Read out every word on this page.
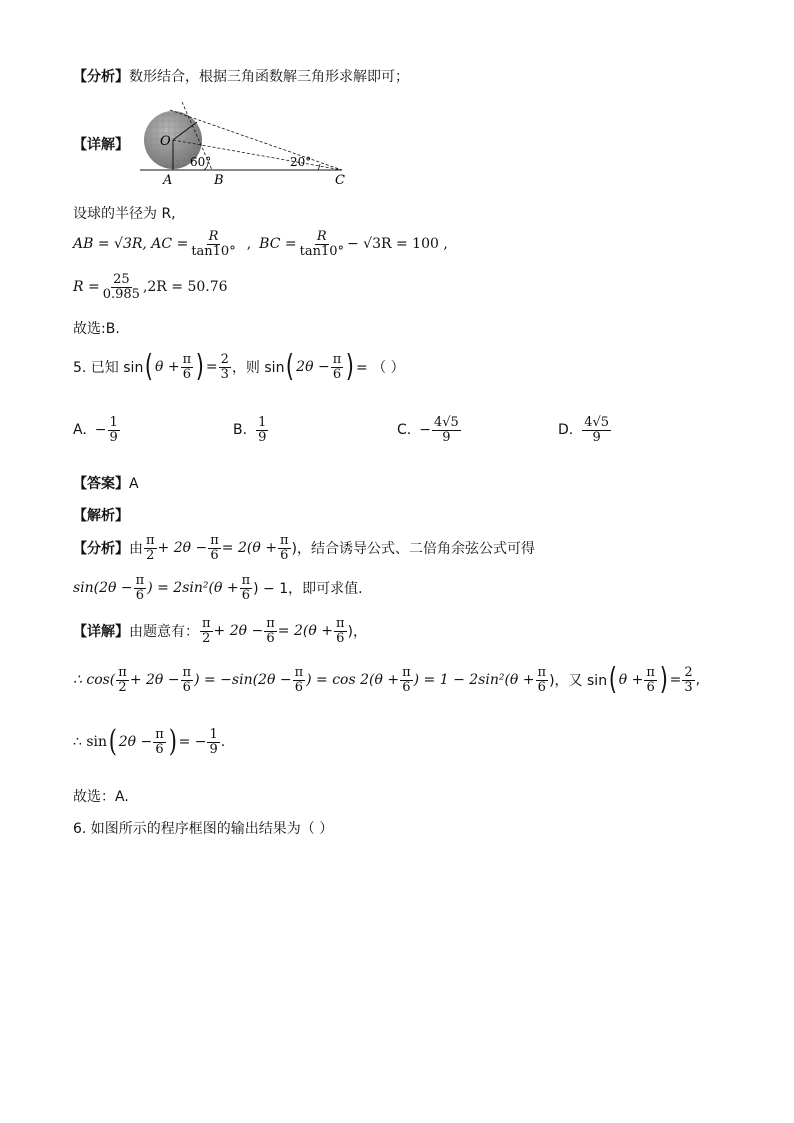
【分析】数形结合，根据三角函数解三角形求解即可；
【详解】 O
A	B	C
60°	20°
设球的半径为 R,
AB = √3R, AC = $\frac{R}{\tan 10^\circ}$ , BC = $\frac{R}{\tan 10^\circ} - √3R = 100$ ,
$R = \frac{25}{0.985} ,2R = 50.76$
故选:B.
5. 已知 sin ( $\theta + \frac{\pi}{6}$ ) = $\frac{2}{3}$ ，则 sin ( $2\theta - \frac{\pi}{6}$ ) = （ ）
A. − $\frac{1}{9}$	B. $\frac{1}{9}$	C. − $\frac{4√5}{9}$	D. $\frac{4√5}{9}$
【答案】A
【解析】
【分析】 由 $\frac{\pi}{2} + 2\theta - \frac{\pi}{6} = 2(\theta + \frac{\pi}{6}$ )，结合诱导公式、二倍角余弦公式可得
$\sin(2\theta - \frac{\pi}{6}$ ) = $2\sin^2(\theta + \frac{\pi}{6}$ ) − 1，即可求值.
【详解】 由题意有： $\frac{\pi}{2} + 2\theta - \frac{\pi}{6} = 2(\theta + \frac{\pi}{6}$ )，
∴ $\cos( \frac{\pi}{2} + 2\theta - \frac{\pi}{6}$ ) = $-\sin(2\theta - \frac{\pi}{6}$ ) = $\cos 2(\theta + \frac{\pi}{6}$ ) = $1 - 2\sin^2(\theta + \frac{\pi}{6}$ )，又 sin ( $\theta + \frac{\pi}{6}$ ) = $\frac{2}{3}$ ,
∴ sin ( $2\theta - \frac{\pi}{6}$ ) = − $\frac{1}{9}$ .
故选：A.
6. 如图所示的程序框图的输出结果为（ ）
